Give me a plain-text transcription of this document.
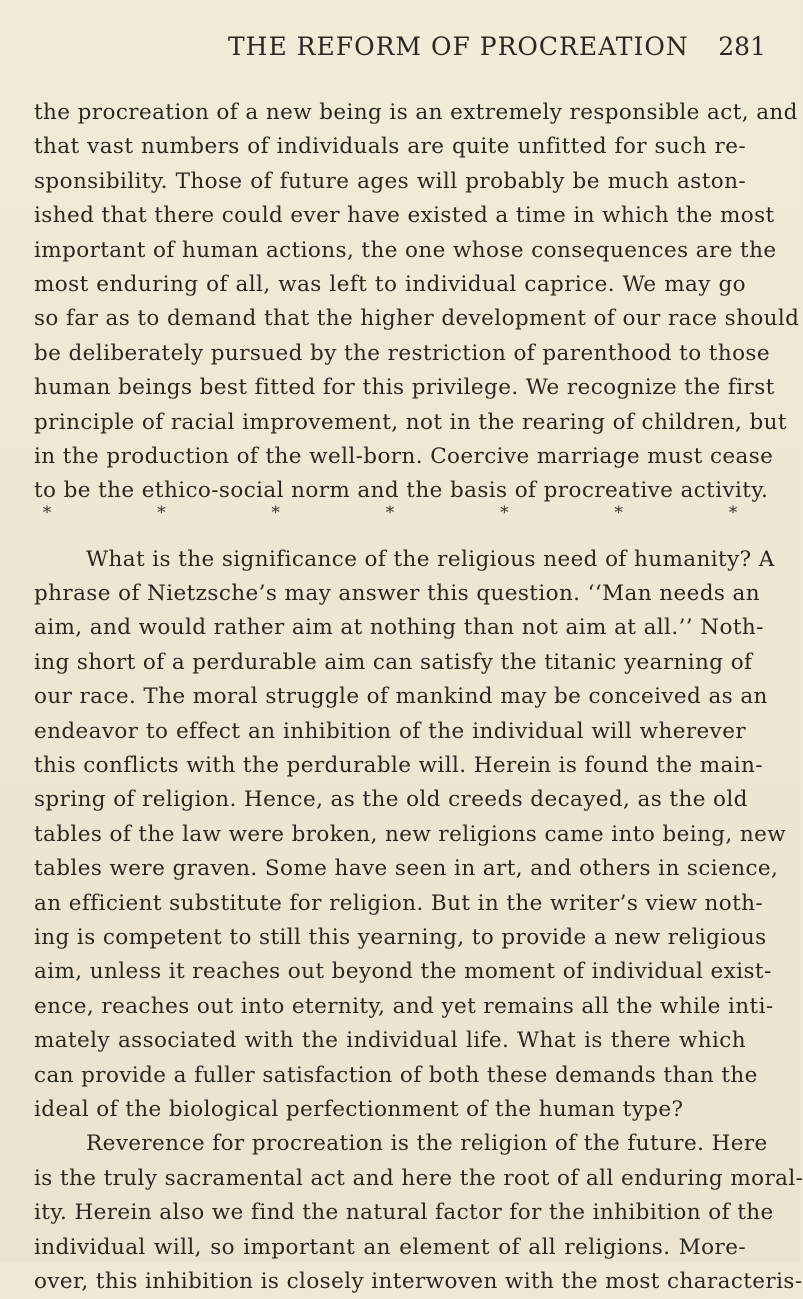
THE REFORM OF PROCREATION 281
the procreation of a new being is an extremely responsible act, and
that vast numbers of individuals are quite unfitted for such re-
sponsibility. Those of future ages will probably be much aston-
ished that there could ever have existed a time in which the most
important of human actions, the one whose consequences are the
most enduring of all, was left to individual caprice. We may go
so far as to demand that the higher development of our race should
be deliberately pursued by the restriction of parenthood to those
human beings best fitted for this privilege. We recognize the first
principle of racial improvement, not in the rearing of children, but
in the production of the well-born. Coercive marriage must cease
to be the ethico-social norm and the basis of procreative activity.
*	*	*	*	*	*	*
What is the significance of the religious need of humanity? A
phrase of Nietzsche’s may answer this question. ‘‘Man needs an
aim, and would rather aim at nothing than not aim at all.’’ Noth-
ing short of a perdurable aim can satisfy the titanic yearning of
our race. The moral struggle of mankind may be conceived as an
endeavor to effect an inhibition of the individual will wherever
this conflicts with the perdurable will. Herein is found the main-
spring of religion. Hence, as the old creeds decayed, as the old
tables of the law were broken, new religions came into being, new
tables were graven. Some have seen in art, and others in science,
an efficient substitute for religion. But in the writer’s view noth-
ing is competent to still this yearning, to provide a new religious
aim, unless it reaches out beyond the moment of individual exist-
ence, reaches out into eternity, and yet remains all the while inti-
mately associated with the individual life. What is there which
can provide a fuller satisfaction of both these demands than the
ideal of the biological perfectionment of the human type?
Reverence for procreation is the religion of the future. Here
is the truly sacramental act and here the root of all enduring moral-
ity. Herein also we find the natural factor for the inhibition of the
individual will, so important an element of all religions. More-
over, this inhibition is closely interwoven with the most characteris-
